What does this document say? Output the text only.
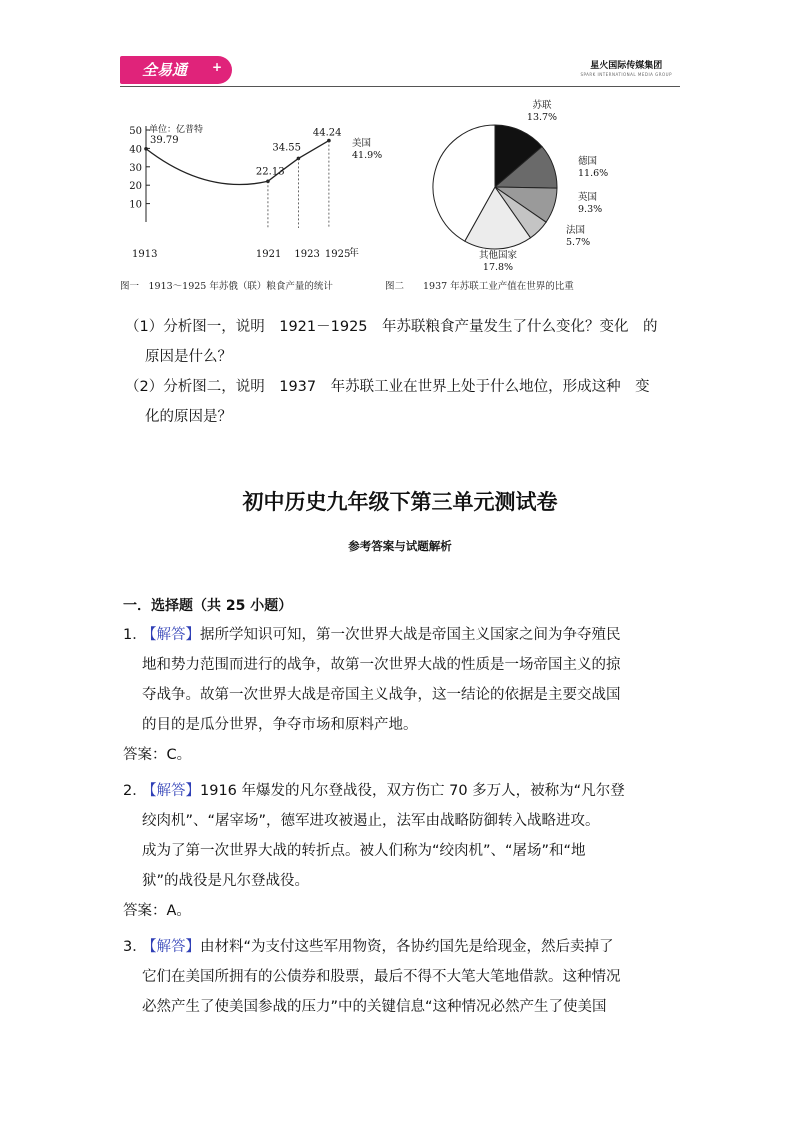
全易通 +	星火国际传媒集团
SPARK INTERNATIONAL MEDIA GROUP
50
40
30
20
10
单位：亿普特
39.79
22.13
34.55
44.24
1913	1921 1923 1925
年
苏联
13.7%
德国
11.6%
英国
9.3%
法国
5.7%
其他国家
17.8%
美国
41.9%
图一　1913～1925 年苏俄（联）粮食产量的统计	图二　　1937 年苏联工业产值在世界的比重
（1）分析图一，说明　1921－1925　年苏联粮食产量发生了什么变化？变化　的
原因是什么？
（2）分析图二，说明　1937　年苏联工业在世界上处于什么地位，形成这种　变
化的原因是？
初中历史九年级下第三单元测试卷
参考答案与试题解析
一．选择题（共 25 小题）
1．【解答】据所学知识可知，第一次世界大战是帝国主义国家之间为争夺殖民
地和势力范围而进行的战争，故第一次世界大战的性质是一场帝国主义的掠
夺战争。故第一次世界大战是帝国主义战争，这一结论的依据是主要交战国
的目的是瓜分世界，争夺市场和原料产地。
答案：C。
2．【解答】1916 年爆发的凡尔登战役，双方伤亡 70 多万人，被称为“凡尔登
绞肉机”、“屠宰场”，德军进攻被遏止，法军由战略防御转入战略进攻。
成为了第一次世界大战的转折点。被人们称为“绞肉机”、“屠场”和“地
狱”的战役是凡尔登战役。
答案：A。
3．【解答】由材料“为支付这些军用物资，各协约国先是给现金，然后卖掉了
它们在美国所拥有的公债券和股票，最后不得不大笔大笔地借款。这种情况
必然产生了使美国参战的压力”中的关键信息“这种情况必然产生了使美国
